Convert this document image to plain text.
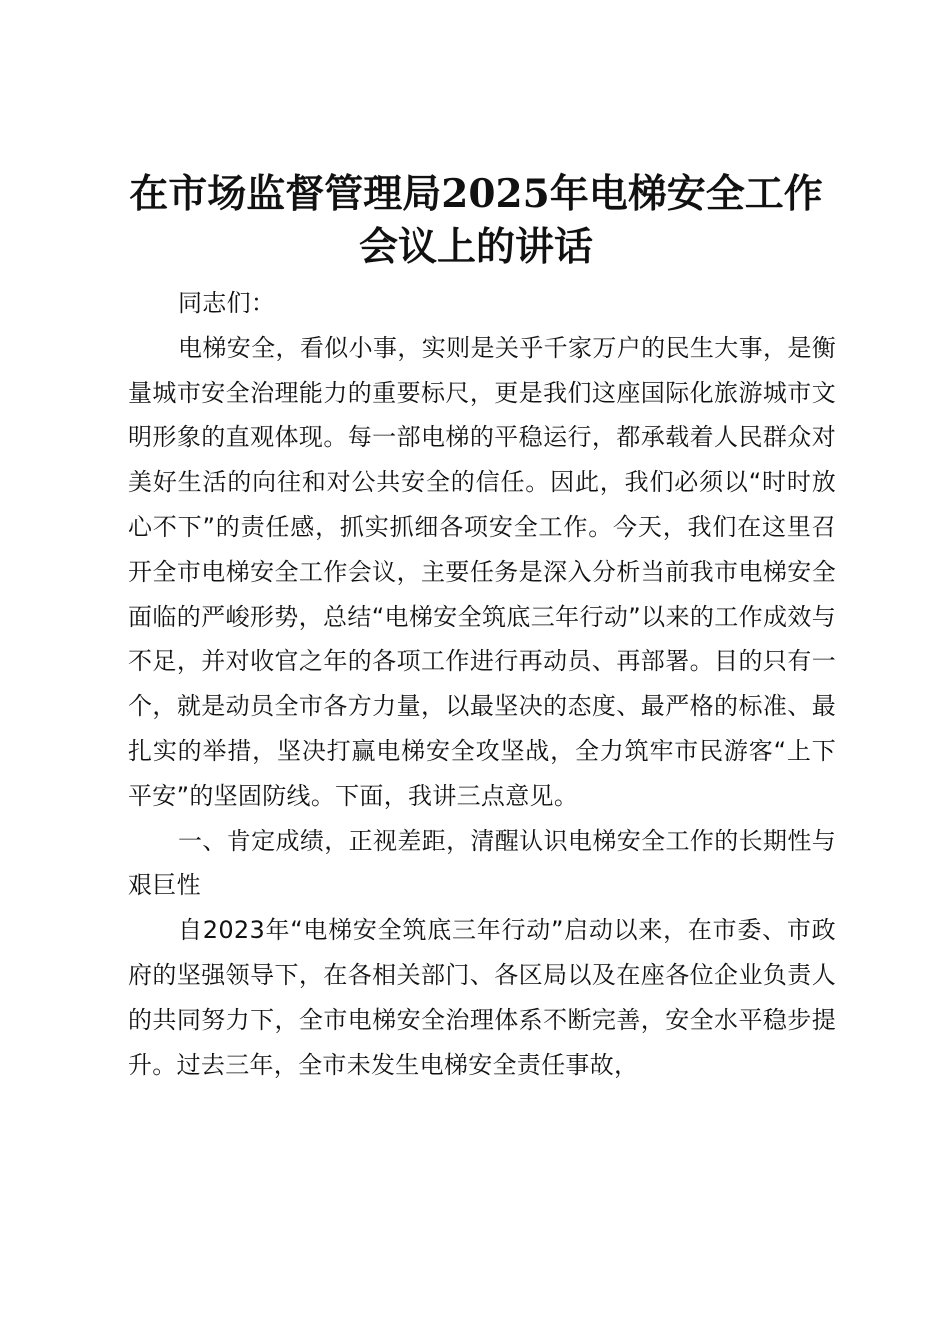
在市场监督管理局2025年电梯安全工作会议上的讲话

同志们：

电梯安全，看似小事，实则是关乎千家万户的民生大事，是衡量城市安全治理能力的重要标尺，更是我们这座国际化旅游城市文明形象的直观体现。每一部电梯的平稳运行，都承载着人民群众对美好生活的向往和对公共安全的信任。因此，我们必须以“时时放心不下”的责任感，抓实抓细各项安全工作。今天，我们在这里召开全市电梯安全工作会议，主要任务是深入分析当前我市电梯安全面临的严峻形势，总结“电梯安全筑底三年行动”以来的工作成效与不足，并对收官之年的各项工作进行再动员、再部署。目的只有一个，就是动员全市各方力量，以最坚决的态度、最严格的标准、最扎实的举措，坚决打赢电梯安全攻坚战，全力筑牢市民游客“上下平安”的坚固防线。下面，我讲三点意见。

一、肯定成绩，正视差距，清醒认识电梯安全工作的长期性与艰巨性

自2023年“电梯安全筑底三年行动”启动以来，在市委、市政府的坚强领导下，在各相关部门、各区局以及在座各位企业负责人的共同努力下，全市电梯安全治理体系不断完善，安全水平稳步提升。过去三年，全市未发生电梯安全责任事故，
